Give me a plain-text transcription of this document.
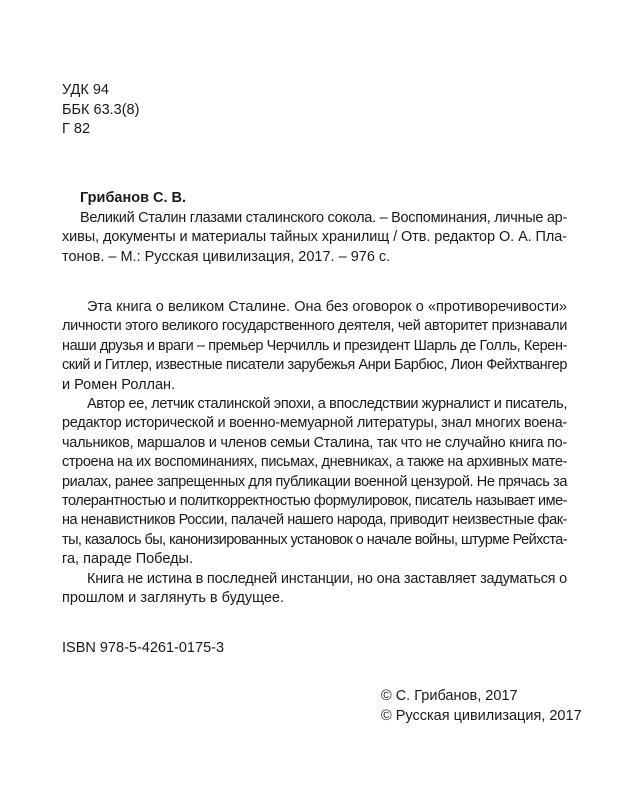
УДК 94
ББК 63.3(8)
Г 82
Грибанов С. В.
Великий Сталин глазами сталинского сокола. – Воспоминания, личные ар-
хивы, документы и материалы тайных хранилищ / Отв. редактор О. А. Пла-
тонов. – М.: Русская цивилизация, 2017. – 976 с.
Эта книга о великом Сталине. Она без оговорок о «противоречивости»
личности этого великого государственного деятеля, чей авторитет признавали
наши друзья и враги – премьер Черчилль и президент Шарль де Голль, Керен-
ский и Гитлер, известные писатели зарубежья Анри Барбюс, Лион Фейхтвангер
и Ромен Роллан.
Автор ее, летчик сталинской эпохи, а впоследствии журналист и писатель,
редактор исторической и военно-мемуарной литературы, знал многих воена-
чальников, маршалов и членов семьи Сталина, так что не случайно книга по-
строена на их воспоминаниях, письмах, дневниках, а также на архивных мате-
риалах, ранее запрещенных для публикации военной цензурой. Не прячась за
толерантностью и политкорректностью формулировок, писатель называет име-
на ненавистников России, палачей нашего народа, приводит неизвестные фак-
ты, казалось бы, канонизированных установок о начале войны, штурме Рейхста-
га, параде Победы.
Книга не истина в последней инстанции, но она заставляет задуматься о
прошлом и заглянуть в будущее.
ISBN 978-5-4261-0175-3
© С. Грибанов, 2017
© Русская цивилизация, 2017
